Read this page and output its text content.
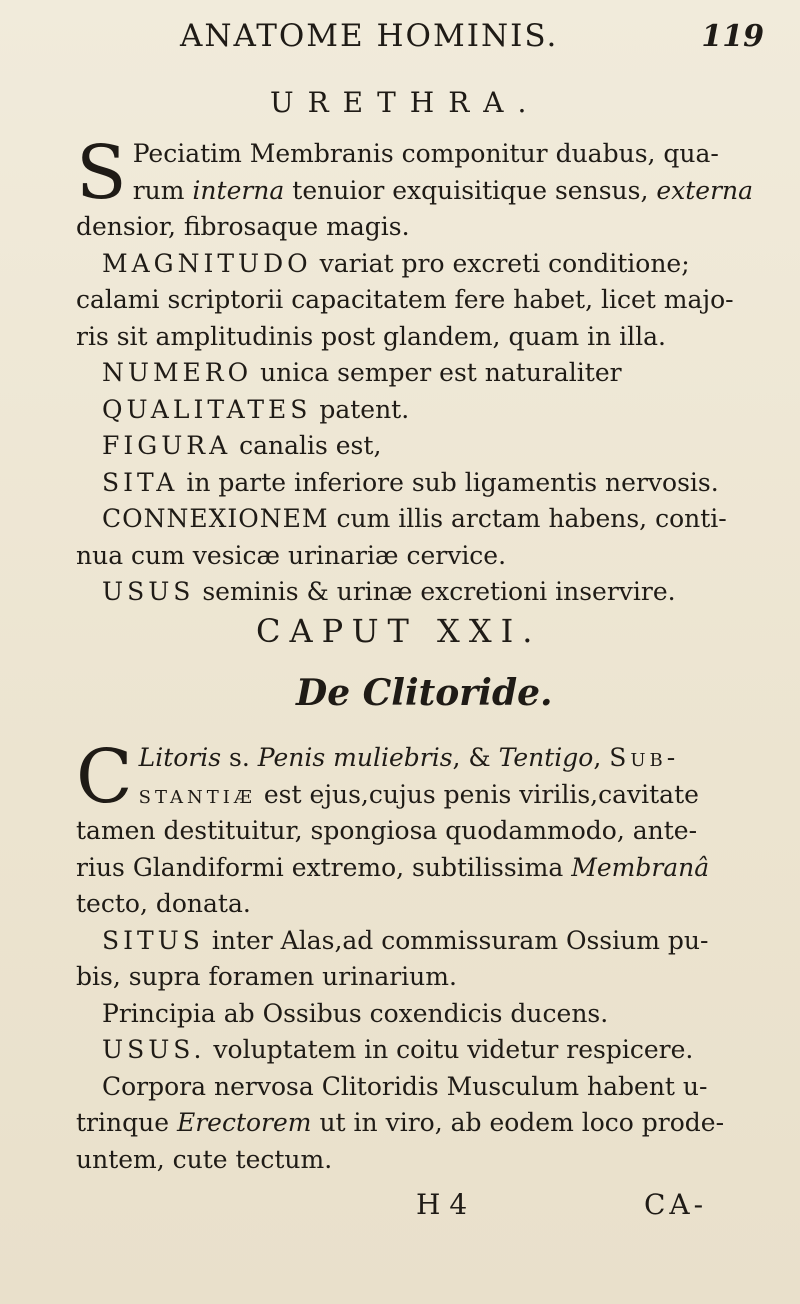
ANATOME HOMINIS.	119
URETHRA.
S Peciatim Membranis componitur duabus, qua-
rum interna tenuior exquisitique sensus, externa
densior, fibrosaque magis.
MAGNITUDO variat pro excreti conditione;
calami scriptorii capacitatem fere habet, licet majo-
ris sit amplitudinis post glandem, quam in illa.
NUMERO unica semper est naturaliter
QUALITATES patent.
FIGURA canalis est,
SITA in parte inferiore sub ligamentis nervosis.
CONNEXIONEM cum illis arctam habens, conti-
nua cum vesicæ urinariæ cervice.
USUS seminis & urinæ excretioni inservire.
CAPUT XXI.
De Clitoride.
C Litoris s. Penis muliebris, & Tentigo, Sub-
stantiæ est ejus,cujus penis virilis,cavitate
tamen destituitur, spongiosa quodammodo, ante-
rius Glandiformi extremo, subtilissima Membranâ
tecto, donata.
SITUS inter Alas,ad commissuram Ossium pu-
bis, supra foramen urinarium.
Principia ab Ossibus coxendicis ducens.
USUS. voluptatem in coitu videtur respicere.
Corpora nervosa Clitoridis Musculum habent u-
trinque Erectorem ut in viro, ab eodem loco prode-
untem, cute tectum.
H 4	CA-
